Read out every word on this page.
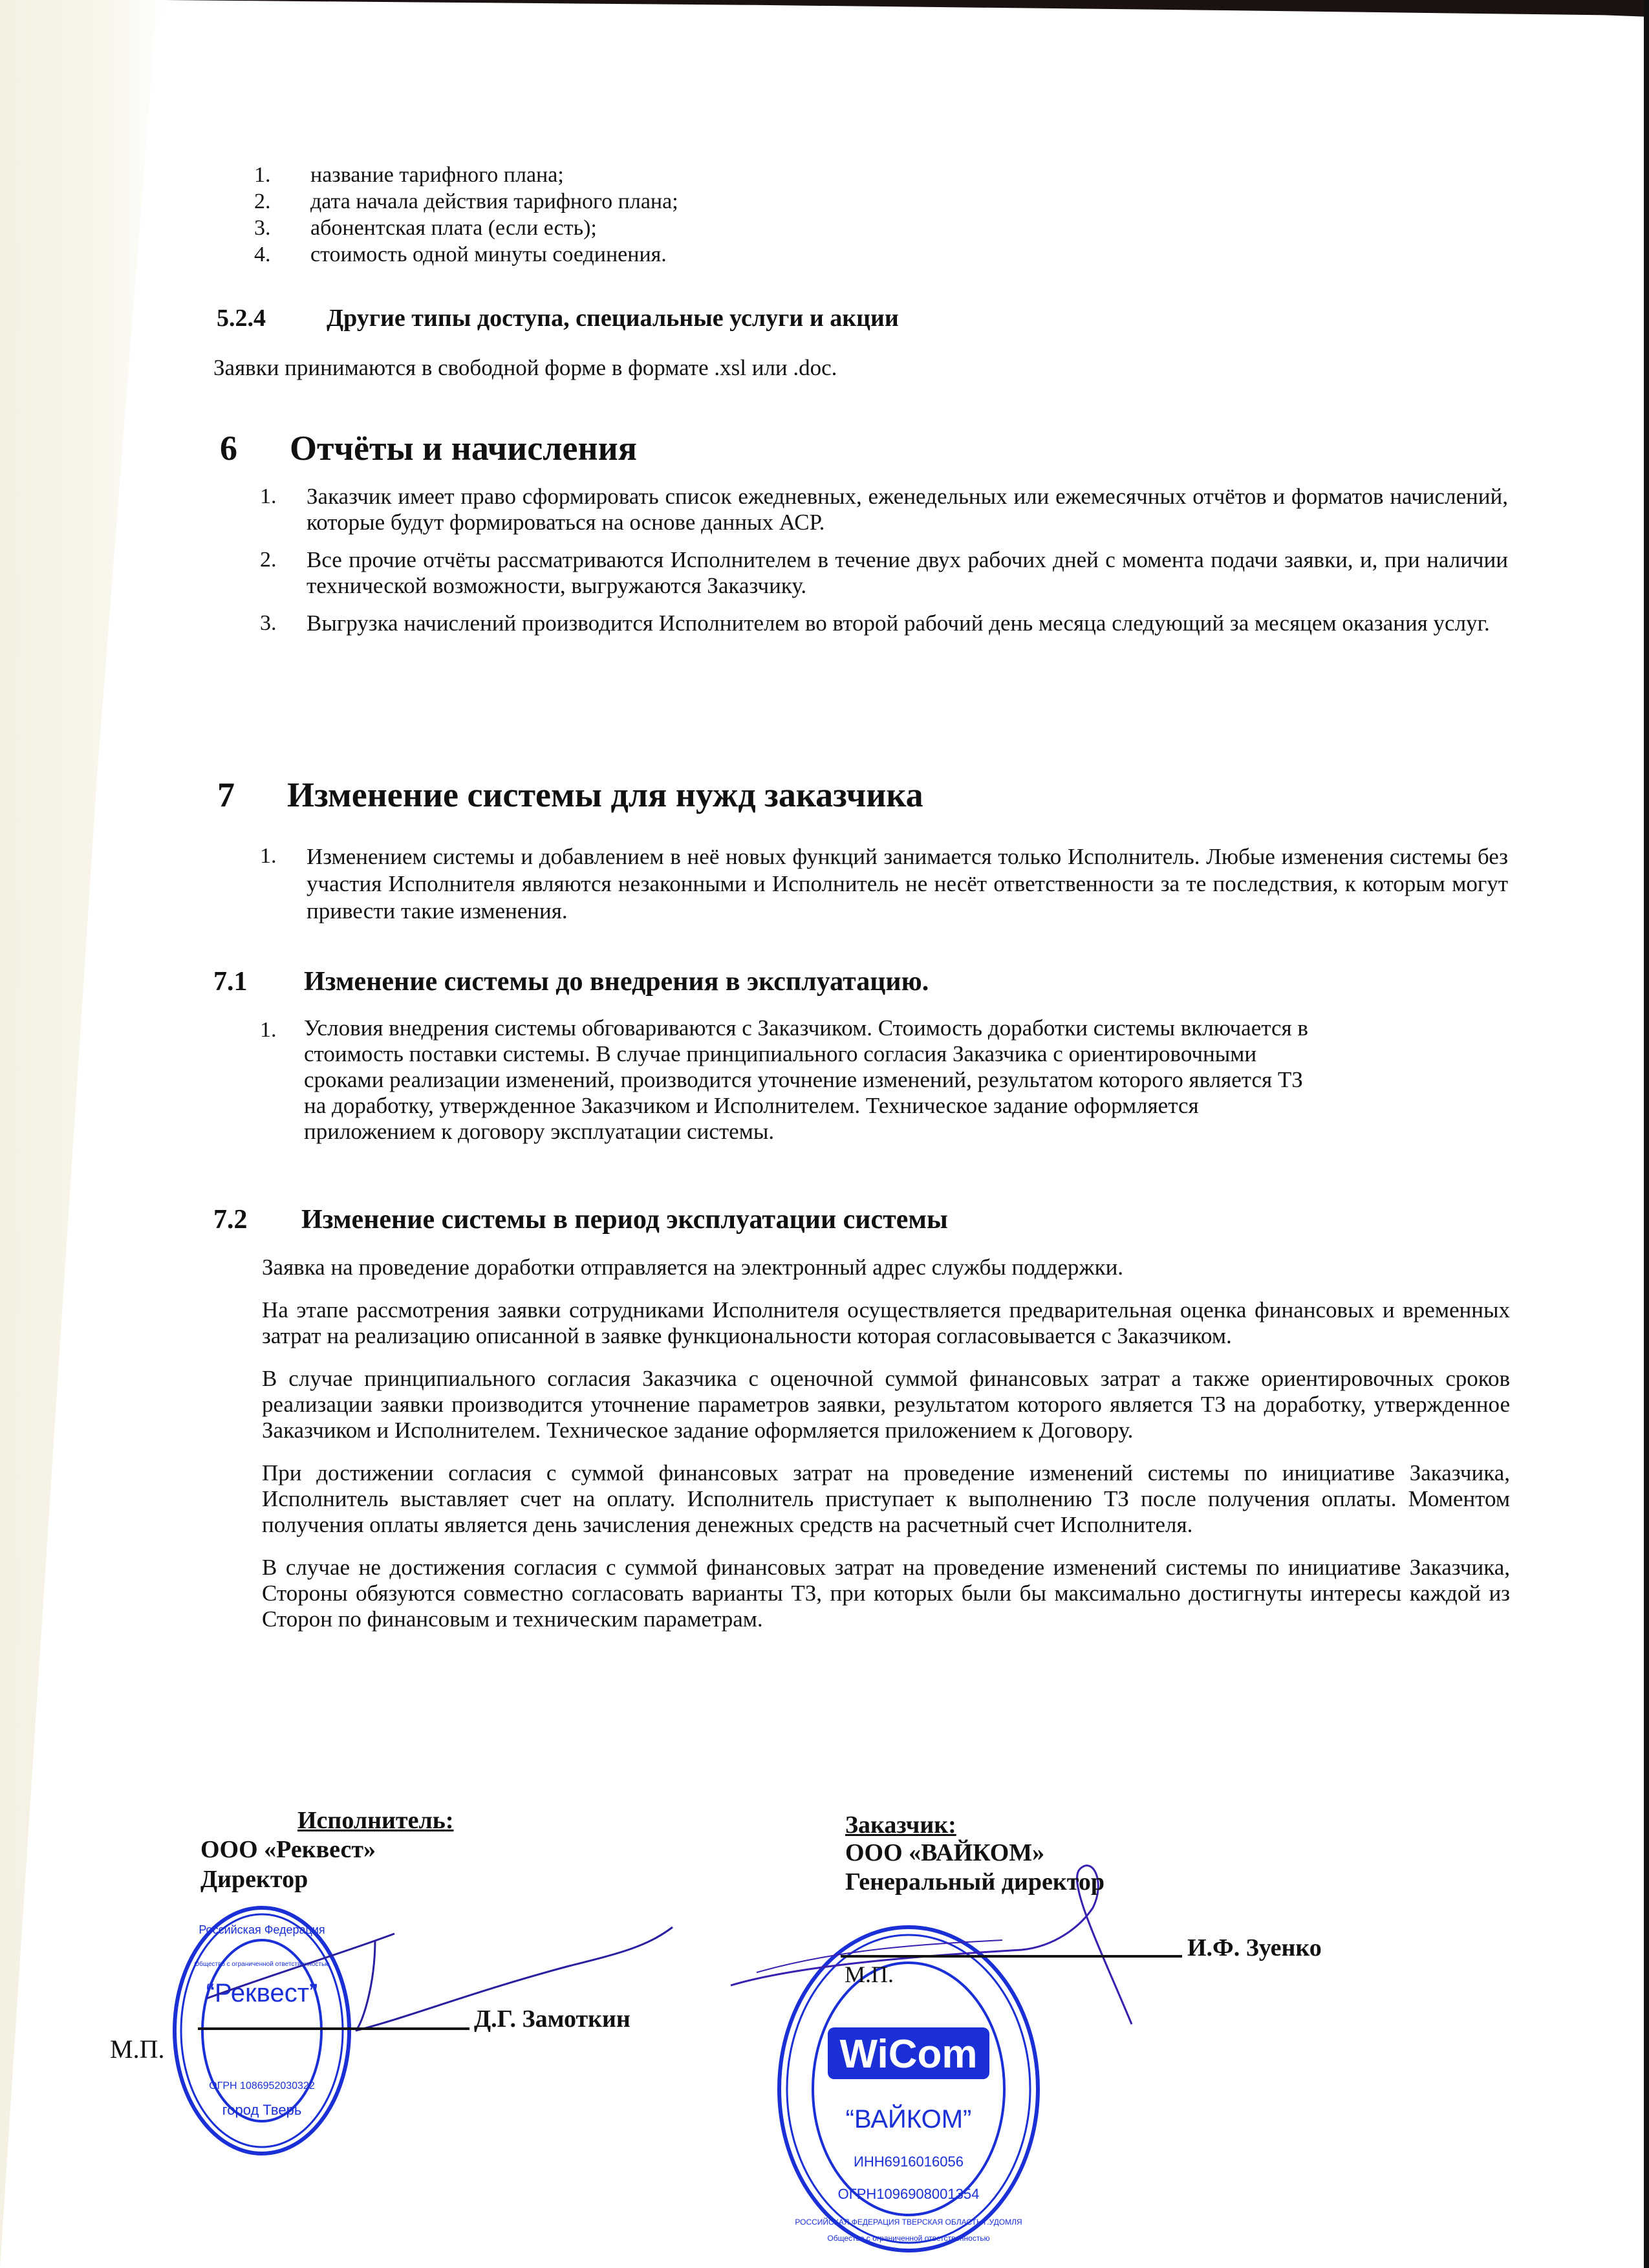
1. название тарифного плана;
2. дата начала действия тарифного плана;
3. абонентская плата (если есть);
4. стоимость одной минуты соединения.
5.2.4 Другие типы доступа, специальные услуги и акции
Заявки принимаются в свободной форме в формате .xsl или .doc.
6 Отчёты и начисления
1. Заказчик имеет право сформировать список ежедневных, еженедельных или ежемесячных отчётов и форматов начислений, которые будут формироваться на основе данных АСР.
2. Все прочие отчёты рассматриваются Исполнителем в течение двух рабочих дней с момента подачи заявки, и, при наличии технической возможности, выгружаются Заказчику.
3. Выгрузка начислений производится Исполнителем во второй рабочий день месяца следующий за месяцем оказания услуг.
7 Изменение системы для нужд заказчика
1. Изменением системы и добавлением в неё новых функций занимается только Исполнитель. Любые изменения системы без участия Исполнителя являются незаконными и Исполнитель не несёт ответственности за те последствия, к которым могут привести такие изменения.
7.1 Изменение системы до внедрения в эксплуатацию.
1. Условия внедрения системы обговариваются с Заказчиком. Стоимость доработки системы включается в
стоимость поставки системы. В случае принципиального согласия Заказчика с ориентировочными
сроками реализации изменений, производится уточнение изменений, результатом которого является ТЗ
на доработку, утвержденное Заказчиком и Исполнителем. Техническое задание оформляется
приложением к договору эксплуатации системы.
7.2 Изменение системы в период эксплуатации системы
Заявка на проведение доработки отправляется на электронный адрес службы поддержки.
На этапе рассмотрения заявки сотрудниками Исполнителя осуществляется предварительная оценка финансовых и временных затрат на реализацию описанной в заявке функциональности которая согласовывается с Заказчиком.
В случае принципиального согласия Заказчика с оценочной суммой финансовых затрат а также ориентировочных сроков реализации заявки производится уточнение параметров заявки, результатом которого является ТЗ на доработку, утвержденное Заказчиком и Исполнителем. Техническое задание оформляется приложением к Договору.
При достижении согласия с суммой финансовых затрат на проведение изменений системы по инициативе Заказчика, Исполнитель выставляет счет на оплату. Исполнитель приступает к выполнению ТЗ после получения оплаты. Моментом получения оплаты является день зачисления денежных средств на расчетный счет Исполнителя.
В случае не достижения согласия с суммой финансовых затрат на проведение изменений системы по инициативе Заказчика, Стороны обязуются совместно согласовать варианты ТЗ, при которых были бы максимально достигнуты интересы каждой из Сторон по финансовым и техническим параметрам.
Российская Федерация
Общество с ограниченной ответственностью
“Реквест”
ОГРН 1086952030322
город Тверь
WiCom
“ВАЙКОМ”
ИНН6916016056
ОГРН1096908001354
РОССИЙСКАЯ ФЕДЕРАЦИЯ ТВЕРСКАЯ ОБЛАСТЬ Г.УДОМЛЯ
Общество с ограниченной ответственностью
Исполнитель:
ООО «Реквест»
Директор
Д.Г. Замоткин
М.П.
Заказчик:
ООО «ВАЙКОМ»
Генеральный директор
И.Ф. Зуенко
М.П.
